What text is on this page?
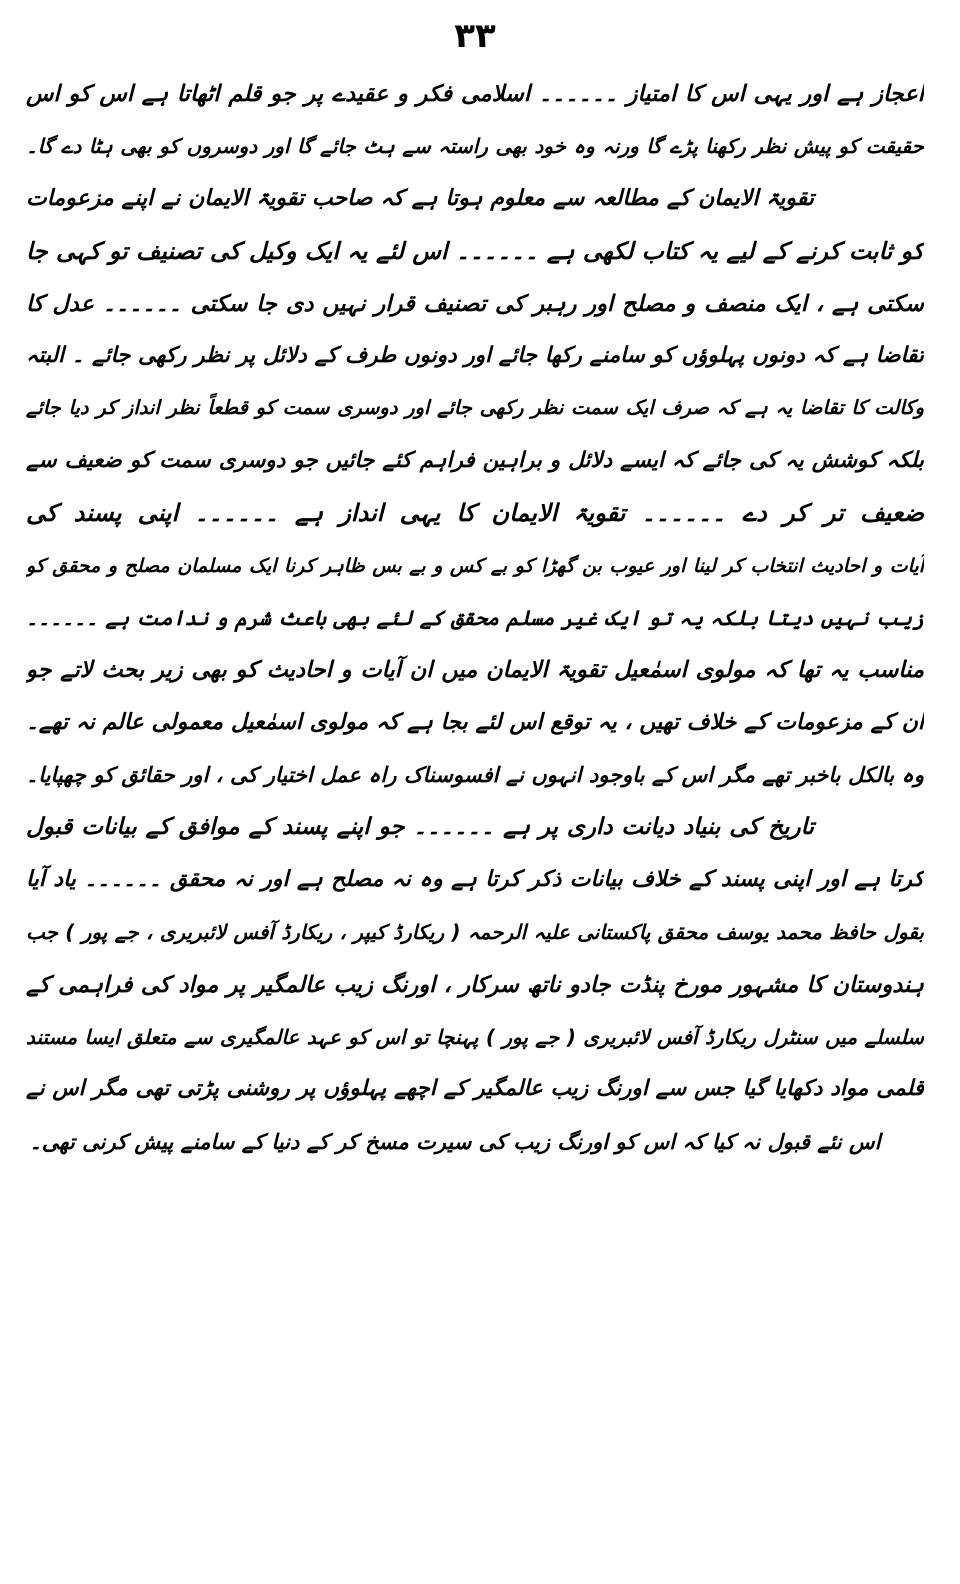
۳۳
اعجاز ہے اور یہی اس کا امتیاز ۔۔۔۔۔۔ اسلامی فکر و عقیدے پر جو قلم اٹھاتا ہے اس کو اس
حقیقت کو پیش نظر رکھنا پڑے گا ورنہ وہ خود بھی راستہ سے ہٹ جائے گا اور دوسروں کو بھی ہٹا دے گا۔
تقویۃ الایمان کے مطالعہ سے معلوم ہوتا ہے کہ صاحب تقویۃ الایمان نے اپنے مزعومات
کو ثابت کرنے کے لیے یہ کتاب لکھی ہے ۔۔۔۔۔۔ اس لئے یہ ایک وکیل کی تصنیف تو کہی جا
سکتی ہے ، ایک منصف و مصلح اور رہبر کی تصنیف قرار نہیں دی جا سکتی ۔۔۔۔۔۔ عدل کا
تقاضا ہے کہ دونوں پہلوؤں کو سامنے رکھا جائے اور دونوں طرف کے دلائل پر نظر رکھی جائے ۔ البتہ
وکالت کا تقاضا یہ ہے کہ صرف ایک سمت نظر رکھی جائے اور دوسری سمت کو قطعاً نظر انداز کر دیا جائے
بلکہ کوشش یہ کی جائے کہ ایسے دلائل و براہین فراہم کئے جائیں جو دوسری سمت کو ضعیف سے
ضعیف تر کر دے ۔۔۔۔۔۔ تقویۃ الایمان کا یہی انداز ہے ۔۔۔۔۔۔ اپنی پسند کی
آیات و احادیث انتخاب کر لینا اور عیوب بن گھڑا کو بے کس و بے بس ظاہر کرنا ایک مسلمان مصلح و محقق کو
زیب نہیں دیتا بلکہ یہ تو ایک غیر مسلم محقق کے لئے بھی باعث شرم و ندامت ہے ۔۔۔۔۔۔
مناسب یہ تھا کہ مولوی اسمٰعیل تقویۃ الایمان میں ان آیات و احادیث کو بھی زیر بحث لاتے جو
ان کے مزعومات کے خلاف تھیں ، یہ توقع اس لئے بجا ہے کہ مولوی اسمٰعیل معمولی عالم نہ تھے۔
وہ بالکل باخبر تھے مگر اس کے باوجود انہوں نے افسوسناک راہ عمل اختیار کی ، اور حقائق کو چھپایا۔
تاریخ کی بنیاد دیانت داری پر ہے ۔۔۔۔۔۔ جو اپنے پسند کے موافق کے بیانات قبول
کرتا ہے اور اپنی پسند کے خلاف بیانات ذکر کرتا ہے وہ نہ مصلح ہے اور نہ محقق ۔۔۔۔۔۔ یاد آیا
بقول حافظ محمد یوسف محقق پاکستانی علیہ الرحمہ ( ریکارڈ کیپر ، ریکارڈ آفس لائبریری ، جے پور ) جب
ہندوستان کا مشہور مورخ پنڈت جادو ناتھ سرکار ، اورنگ زیب عالمگیر پر مواد کی فراہمی کے
سلسلے میں سنٹرل ریکارڈ آفس لائبریری ( جے پور ) پہنچا تو اس کو عہد عالمگیری سے متعلق ایسا مستند
قلمی مواد دکھایا گیا جس سے اورنگ زیب عالمگیر کے اچھے پہلوؤں پر روشنی پڑتی تھی مگر اس نے
اس نئے قبول نہ کیا کہ اس کو اورنگ زیب کی سیرت مسخ کر کے دنیا کے سامنے پیش کرنی تھی۔
